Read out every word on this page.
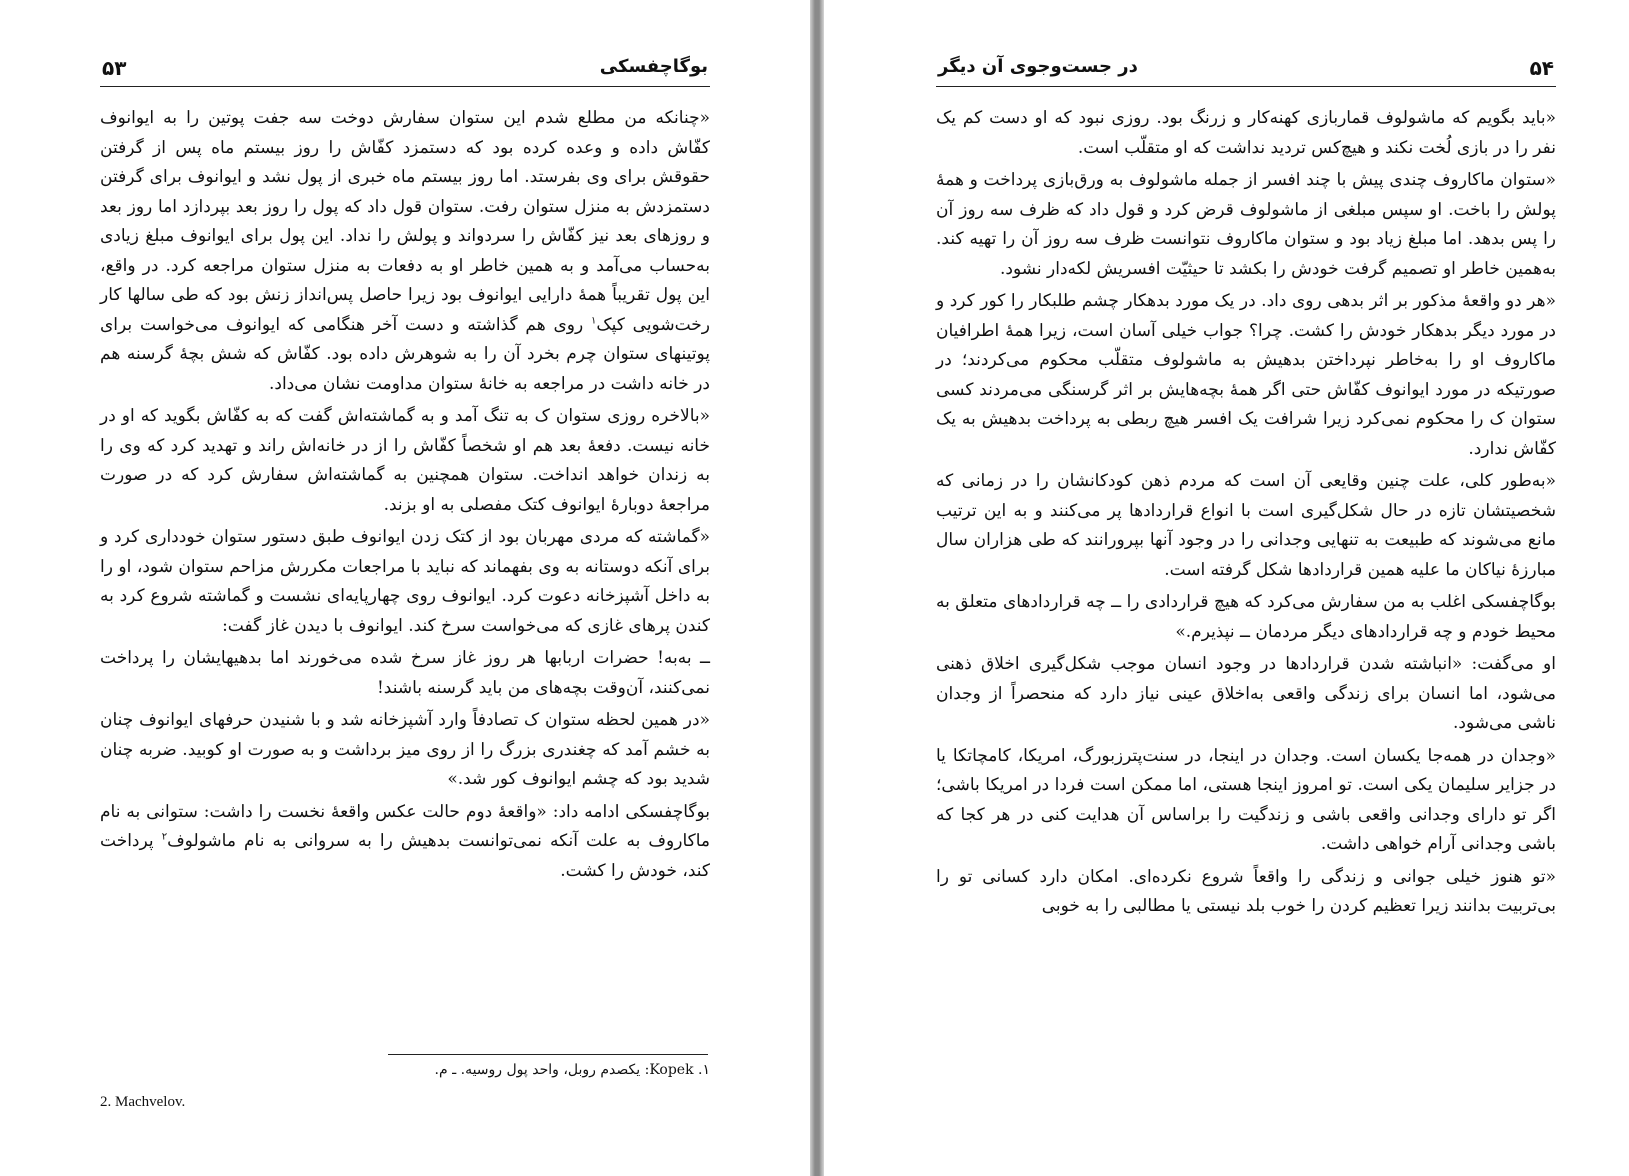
۵۳	بوگاچفسکی

«چنانکه من مطلع شدم این ستوان سفارش دوخت سه جفت پوتین را به ایوانوف کفّاش داده و وعده کرده بود که دستمزد کفّاش را روز بیستم ماه پس از گرفتن حقوقش برای وی بفرستد. اما روز بیستم ماه خبری از پول نشد و ایوانوف برای گرفتن دستمزدش به منزل ستوان رفت. ستوان قول داد که پول را روز بعد بپردازد اما روز بعد و روزهای بعد نیز کفّاش را سردواند و پولش را نداد. این پول برای ایوانوف مبلغ زیادی به‌حساب می‌آمد و به همین خاطر او به دفعات به منزل ستوان مراجعه کرد. در واقع، این پول تقریباً همهٔ دارایی ایوانوف بود زیرا حاصل پس‌انداز زنش بود که طی سالها کار رخت‌شویی کپک$^۱$ روی هم گذاشته و دست آخر هنگامی که ایوانوف می‌خواست برای پوتینهای ستوان چرم بخرد آن را به شوهرش داده بود. کفّاش که شش بچهٔ گرسنه هم در خانه داشت در مراجعه به خانهٔ ستوان مداومت نشان می‌داد.

«بالاخره روزی ستوان ک به تنگ آمد و به گماشته‌اش گفت که به کفّاش بگوید که او در خانه نیست. دفعهٔ بعد هم او شخصاً کفّاش را از در خانه‌اش راند و تهدید کرد که وی را به زندان خواهد انداخت. ستوان همچنین به گماشته‌اش سفارش کرد که در صورت مراجعهٔ دوبارهٔ ایوانوف کتک مفصلی به او بزند.

«گماشته که مردی مهربان بود از کتک زدن ایوانوف طبق دستور ستوان خودداری کرد و برای آنکه دوستانه به وی بفهماند که نباید با مراجعات مکررش مزاحم ستوان شود، او را به داخل آشپزخانه دعوت کرد. ایوانوف روی چهارپایه‌ای نشست و گماشته شروع کرد به کندن پرهای غازی که می‌خواست سرخ کند. ایوانوف با دیدن غاز گفت:

ــ به‌به! حضرات اربابها هر روز غاز سرخ شده می‌خورند اما بدهیهایشان را پرداخت نمی‌کنند، آن‌وقت بچه‌های من باید گرسنه باشند!

«در همین لحظه ستوان ک تصادفاً وارد آشپزخانه شد و با شنیدن حرفهای ایوانوف چنان به خشم آمد که چغندری بزرگ را از روی میز برداشت و به صورت او کوبید. ضربه چنان شدید بود که چشم ایوانوف کور شد.»

بوگاچفسکی ادامه داد: «واقعهٔ دوم حالت عکس واقعهٔ نخست را داشت: ستوانی به نام ماکاروف به علت آنکه نمی‌توانست بدهیش را به سروانی به نام ماشولوف$^۲$ پرداخت کند، خودش را کشت.

۱. Kopek: یکصدم روبل، واحد پول روسیه. ـ م.
2. Machvelov.
۵۴
در جست‌وجوی آن دیگر

«باید بگویم که ماشولوف قماربازی کهنه‌کار و زرنگ بود. روزی نبود که او دست کم یک نفر را در بازی لُخت نکند و هیچ‌کس تردید نداشت که او متقلّب است.

«ستوان ماکاروف چندی پیش با چند افسر از جمله ماشولوف به ورق‌بازی پرداخت و همهٔ پولش را باخت. او سپس مبلغی از ماشولوف قرض کرد و قول داد که ظرف سه روز آن را پس بدهد. اما مبلغ زیاد بود و ستوان ماکاروف نتوانست ظرف سه روز آن را تهیه کند. به‌همین خاطر او تصمیم گرفت خودش را بکشد تا حیثیّت افسریش لکه‌دار نشود.

«هر دو واقعهٔ مذکور بر اثر بدهی روی داد. در یک مورد بدهکار چشم طلبکار را کور کرد و در مورد دیگر بدهکار خودش را کشت. چرا؟ جواب خیلی آسان است، زیرا همهٔ اطرافیان ماکاروف او را به‌خاطر نپرداختن بدهیش به ماشولوف متقلّب محکوم می‌کردند؛ در صورتیکه در مورد ایوانوف کفّاش حتی اگر همهٔ بچه‌هایش بر اثر گرسنگی می‌مردند کسی ستوان ک را محکوم نمی‌کرد زیرا شرافت یک افسر هیچ ربطی به پرداخت بدهیش به یک کفّاش ندارد.

«به‌طور کلی، علت چنین وقایعی آن است که مردم ذهن کودکانشان را در زمانی که شخصیتشان تازه در حال شکل‌گیری است با انواع قراردادها پر می‌کنند و به این ترتیب مانع می‌شوند که طبیعت به تنهایی وجدانی را در وجود آنها بپرورانند که طی هزاران سال مبارزهٔ نیاکان ما علیه همین قراردادها شکل گرفته است.

بوگاچفسکی اغلب به من سفارش می‌کرد که هیچ قراردادی را ــ چه قراردادهای متعلق به محیط خودم و چه قراردادهای دیگر مردمان ــ نپذیرم.»

او می‌گفت: «انباشته شدن قراردادها در وجود انسان موجب شکل‌گیری اخلاق ذهنی می‌شود، اما انسان برای زندگی واقعی به‌اخلاق عینی نیاز دارد که منحصراً از وجدان ناشی می‌شود.

«وجدان در همه‌جا یکسان است. وجدان در اینجا، در سنت‌پترزبورگ، امریکا، کامچاتکا یا در جزایر سلیمان یکی است. تو امروز اینجا هستی، اما ممکن است فردا در امریکا باشی؛ اگر تو دارای وجدانی واقعی باشی و زندگیت را براساس آن هدایت کنی در هر کجا که باشی وجدانی آرام خواهی داشت.

«تو هنوز خیلی جوانی و زندگی را واقعاً شروع نکرده‌ای. امکان دارد کسانی تو را بی‌تربیت بدانند زیرا تعظیم کردن را خوب بلد نیستی یا مطالبی را به خوبی
